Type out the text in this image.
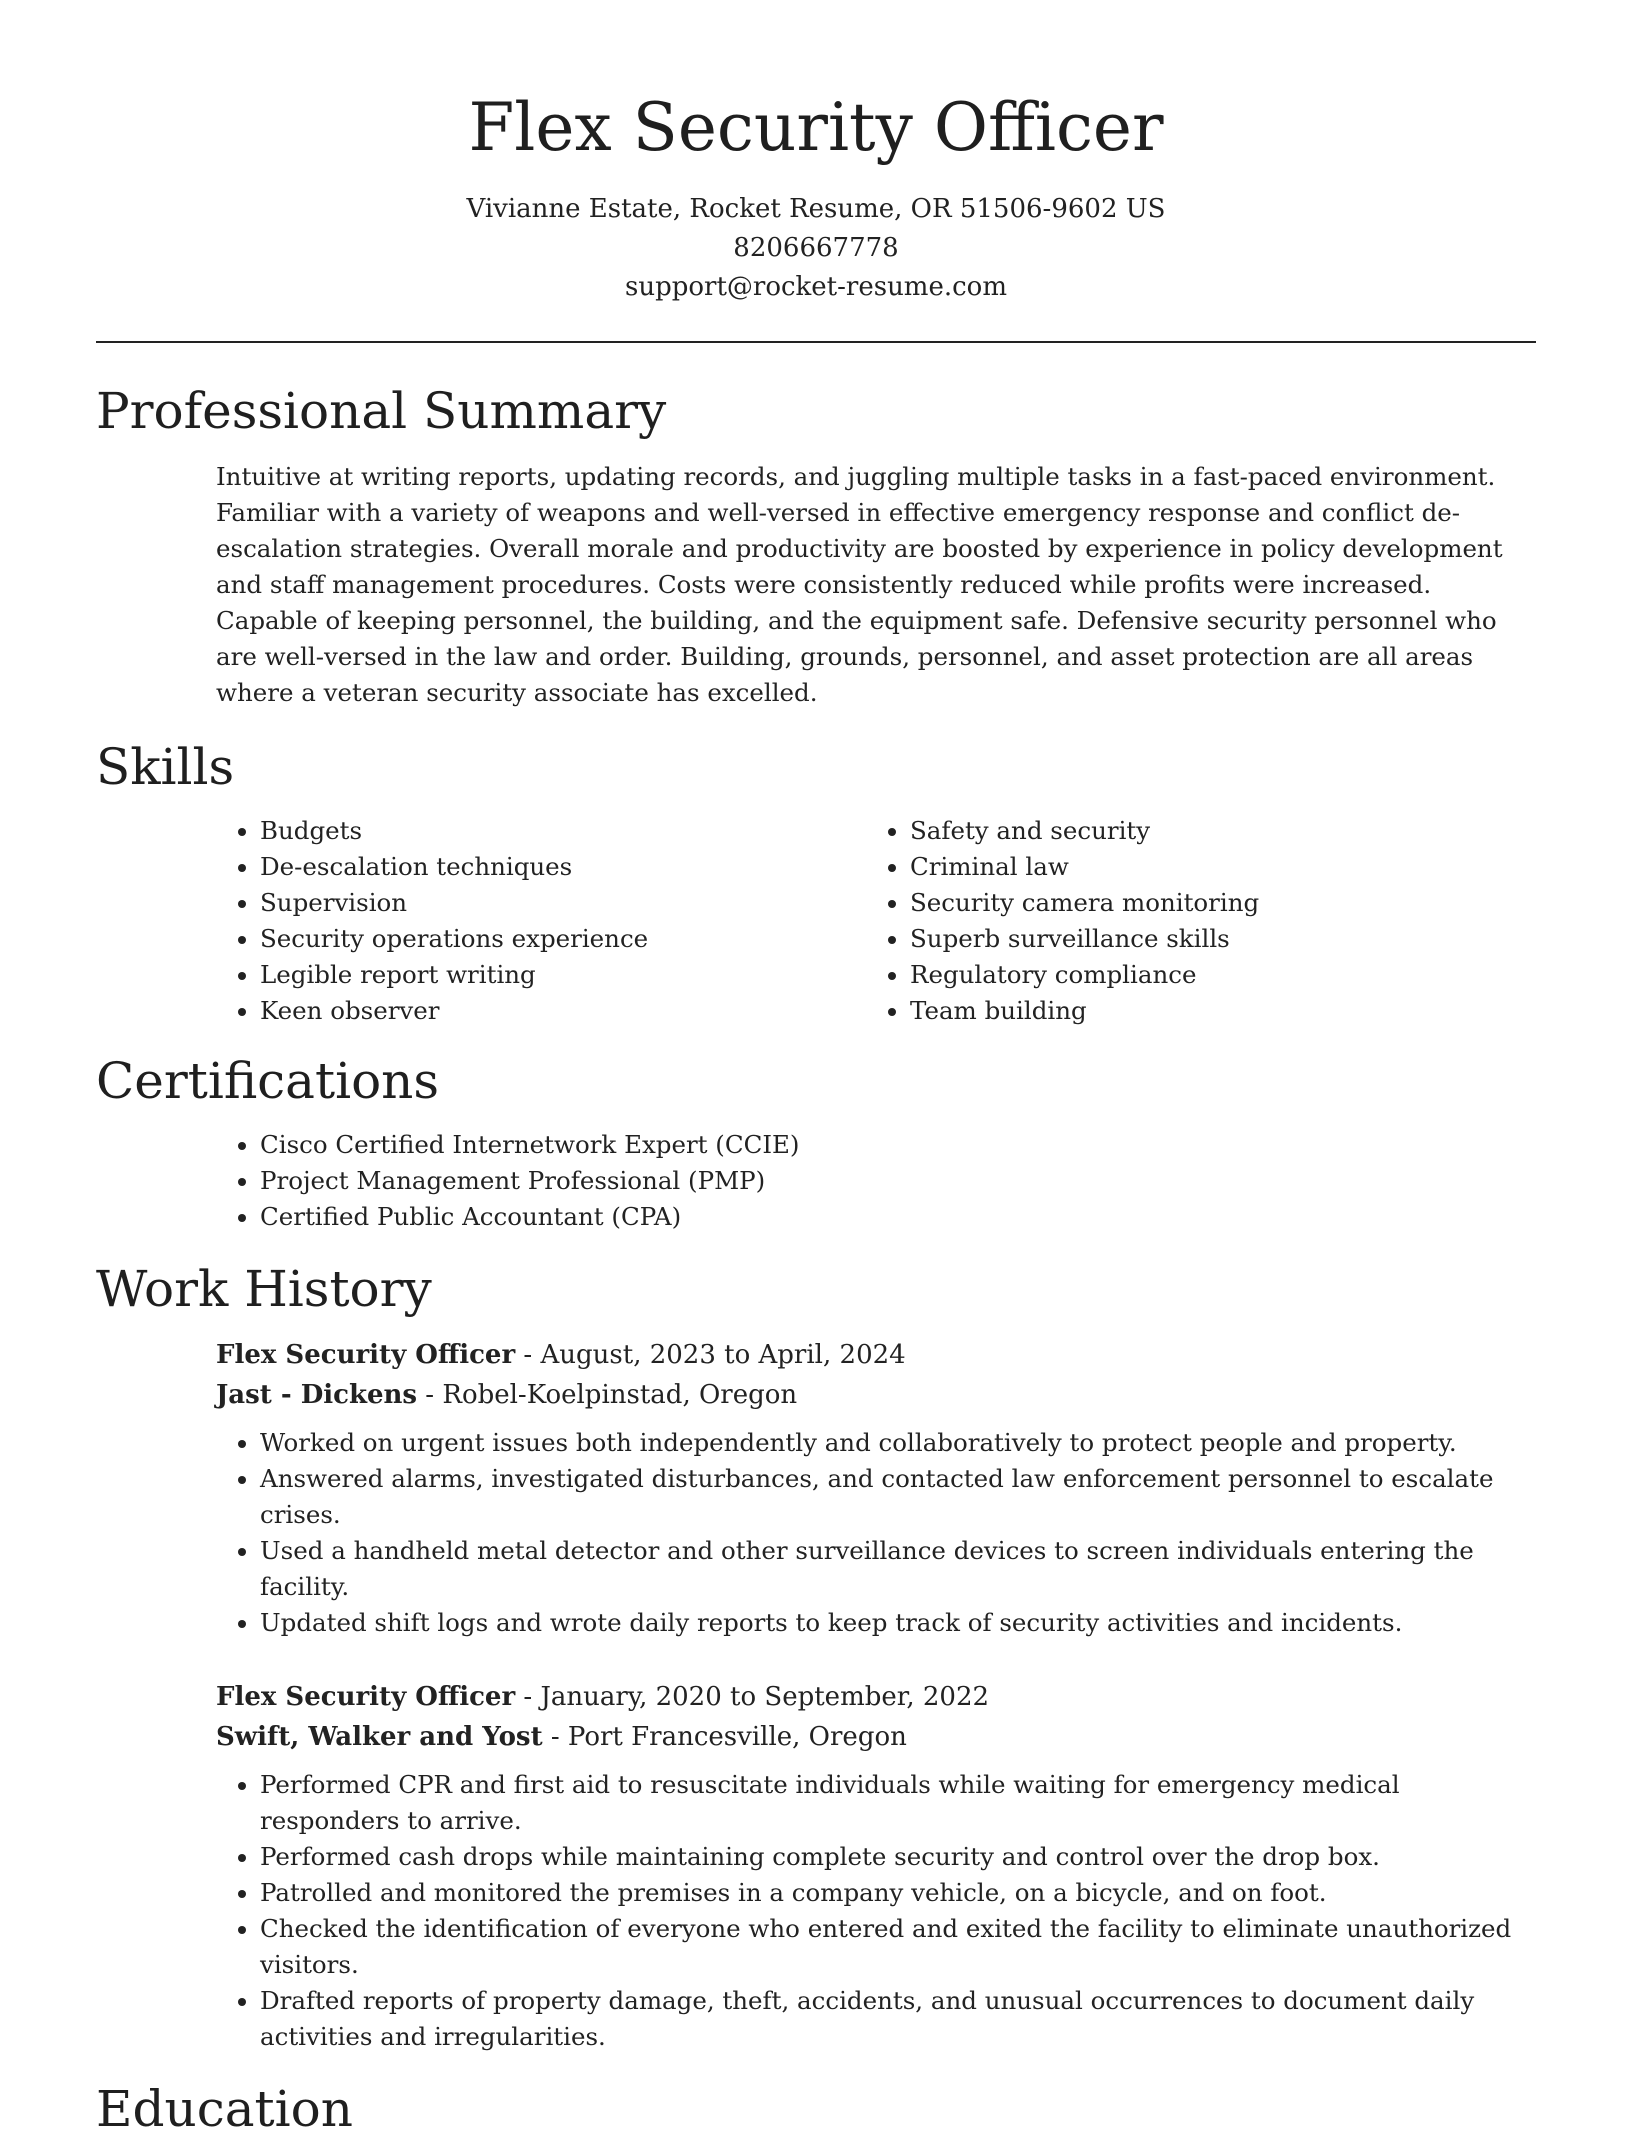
Flex Security Officer
Vivianne Estate, Rocket Resume, OR 51506-9602 US
8206667778
support@rocket-resume.com
Professional Summary
Intuitive at writing reports, updating records, and juggling multiple tasks in a fast-paced environment. Familiar with a variety of weapons and well-versed in effective emergency response and conflict de-escalation strategies. Overall morale and productivity are boosted by experience in policy development and staff management procedures. Costs were consistently reduced while profits were increased. Capable of keeping personnel, the building, and the equipment safe. Defensive security personnel who are well-versed in the law and order. Building, grounds, personnel, and asset protection are all areas where a veteran security associate has excelled.
Skills
• Budgets
• De-escalation techniques
• Supervision
• Security operations experience
• Legible report writing
• Keen observer
• Safety and security
• Criminal law
• Security camera monitoring
• Superb surveillance skills
• Regulatory compliance
• Team building
Certifications
• Cisco Certified Internetwork Expert (CCIE)
• Project Management Professional (PMP)
• Certified Public Accountant (CPA)
Work History
Flex Security Officer - August, 2023 to April, 2024
Jast - Dickens - Robel-Koelpinstad, Oregon
• Worked on urgent issues both independently and collaboratively to protect people and property.
• Answered alarms, investigated disturbances, and contacted law enforcement personnel to escalate crises.
• Used a handheld metal detector and other surveillance devices to screen individuals entering the facility.
• Updated shift logs and wrote daily reports to keep track of security activities and incidents.
Flex Security Officer - January, 2020 to September, 2022
Swift, Walker and Yost - Port Francesville, Oregon
• Performed CPR and first aid to resuscitate individuals while waiting for emergency medical responders to arrive.
• Performed cash drops while maintaining complete security and control over the drop box.
• Patrolled and monitored the premises in a company vehicle, on a bicycle, and on foot.
• Checked the identification of everyone who entered and exited the facility to eliminate unauthorized visitors.
• Drafted reports of property damage, theft, accidents, and unusual occurrences to document daily activities and irregularities.
Education
